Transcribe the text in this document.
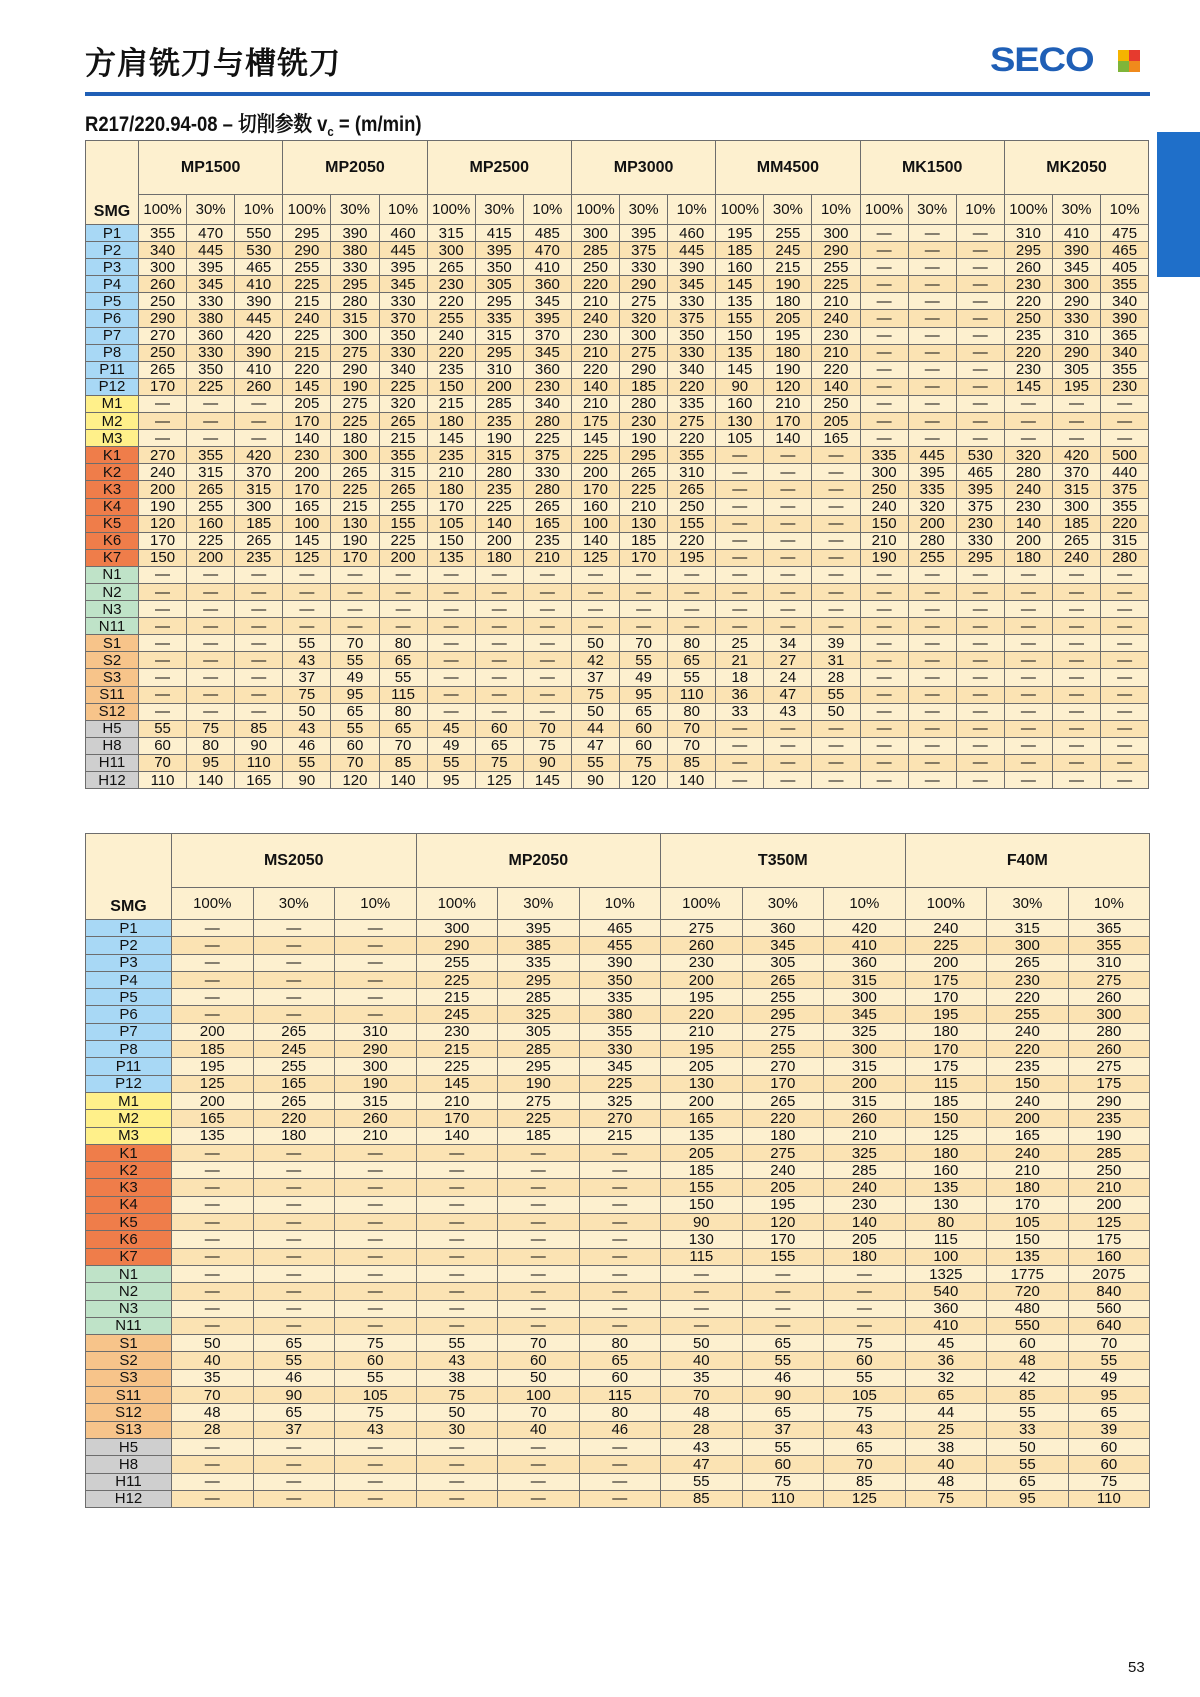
方肩铣刀与槽铣刀	SECO
R217/220.94-08 – 切削参数 $v_c = (m/\min)$
SMG	MP1500			MP2050			MP2500			MP3000			MM4500			MK1500			MK2050		
	100%	30%	10%	100%	30%	10%	100%	30%	10%	100%	30%	10%	100%	30%	10%	100%	30%	10%	100%	30%	10%
P1	355	470	550	295	390	460	315	415	485	300	395	460	195	255	300	—	—	—	310	410	475
P2	340	445	530	290	380	445	300	395	470	285	375	445	185	245	290	—	—	—	295	390	465
P3	300	395	465	255	330	395	265	350	410	250	330	390	160	215	255	—	—	—	260	345	405
P4	260	345	410	225	295	345	230	305	360	220	290	345	145	190	225	—	—	—	230	300	355
P5	250	330	390	215	280	330	220	295	345	210	275	330	135	180	210	—	—	—	220	290	340
P6	290	380	445	240	315	370	255	335	395	240	320	375	155	205	240	—	—	—	250	330	390
P7	270	360	420	225	300	350	240	315	370	230	300	350	150	195	230	—	—	—	235	310	365
P8	250	330	390	215	275	330	220	295	345	210	275	330	135	180	210	—	—	—	220	290	340
P11	265	350	410	220	290	340	235	310	360	220	290	340	145	190	220	—	—	—	230	305	355
P12	170	225	260	145	190	225	150	200	230	140	185	220	90	120	140	—	—	—	145	195	230
M1	—	—	—	205	275	320	215	285	340	210	280	335	160	210	250	—	—	—	—	—	—
M2	—	—	—	170	225	265	180	235	280	175	230	275	130	170	205	—	—	—	—	—	—
M3	—	—	—	140	180	215	145	190	225	145	190	220	105	140	165	—	—	—	—	—	—
K1	270	355	420	230	300	355	235	315	375	225	295	355	—	—	—	335	445	530	320	420	500
K2	240	315	370	200	265	315	210	280	330	200	265	310	—	—	—	300	395	465	280	370	440
K3	200	265	315	170	225	265	180	235	280	170	225	265	—	—	—	250	335	395	240	315	375
K4	190	255	300	165	215	255	170	225	265	160	210	250	—	—	—	240	320	375	230	300	355
K5	120	160	185	100	130	155	105	140	165	100	130	155	—	—	—	150	200	230	140	185	220
K6	170	225	265	145	190	225	150	200	235	140	185	220	—	—	—	210	280	330	200	265	315
K7	150	200	235	125	170	200	135	180	210	125	170	195	—	—	—	190	255	295	180	240	280
N1	—	—	—	—	—	—	—	—	—	—	—	—	—	—	—	—	—	—	—	—	—
N2	—	—	—	—	—	—	—	—	—	—	—	—	—	—	—	—	—	—	—	—	—
N3	—	—	—	—	—	—	—	—	—	—	—	—	—	—	—	—	—	—	—	—	—
N11	—	—	—	—	—	—	—	—	—	—	—	—	—	—	—	—	—	—	—	—	—
S1	—	—	—	55	70	80	—	—	—	50	70	80	25	34	39	—	—	—	—	—	—
S2	—	—	—	43	55	65	—	—	—	42	55	65	21	27	31	—	—	—	—	—	—
S3	—	—	—	37	49	55	—	—	—	37	49	55	18	24	28	—	—	—	—	—	—
S11	—	—	—	75	95	115	—	—	—	75	95	110	36	47	55	—	—	—	—	—	—
S12	—	—	—	50	65	80	—	—	—	50	65	80	33	43	50	—	—	—	—	—	—
H5	55	75	85	43	55	65	45	60	70	44	60	70	—	—	—	—	—	—	—	—	—
H8	60	80	90	46	60	70	49	65	75	47	60	70	—	—	—	—	—	—	—	—	—
H11	70	95	110	55	70	85	55	75	90	55	75	85	—	—	—	—	—	—	—	—	—
H12	110	140	165	90	120	140	95	125	145	90	120	140	—	—	—	—	—	—	—	—	—
SMG	MS2050			MP2050			T350M			F40M		
	100%	30%	10%	100%	30%	10%	100%	30%	10%	100%	30%	10%
P1	—	—	—	300	395	465	275	360	420	240	315	365
P2	—	—	—	290	385	455	260	345	410	225	300	355
P3	—	—	—	255	335	390	230	305	360	200	265	310
P4	—	—	—	225	295	350	200	265	315	175	230	275
P5	—	—	—	215	285	335	195	255	300	170	220	260
P6	—	—	—	245	325	380	220	295	345	195	255	300
P7	200	265	310	230	305	355	210	275	325	180	240	280
P8	185	245	290	215	285	330	195	255	300	170	220	260
P11	195	255	300	225	295	345	205	270	315	175	235	275
P12	125	165	190	145	190	225	130	170	200	115	150	175
M1	200	265	315	210	275	325	200	265	315	185	240	290
M2	165	220	260	170	225	270	165	220	260	150	200	235
M3	135	180	210	140	185	215	135	180	210	125	165	190
K1	—	—	—	—	—	—	205	275	325	180	240	285
K2	—	—	—	—	—	—	185	240	285	160	210	250
K3	—	—	—	—	—	—	155	205	240	135	180	210
K4	—	—	—	—	—	—	150	195	230	130	170	200
K5	—	—	—	—	—	—	90	120	140	80	105	125
K6	—	—	—	—	—	—	130	170	205	115	150	175
K7	—	—	—	—	—	—	115	155	180	100	135	160
N1	—	—	—	—	—	—	—	—	—	1325	1775	2075
N2	—	—	—	—	—	—	—	—	—	540	720	840
N3	—	—	—	—	—	—	—	—	—	360	480	560
N11	—	—	—	—	—	—	—	—	—	410	550	640
S1	50	65	75	55	70	80	50	65	75	45	60	70
S2	40	55	60	43	60	65	40	55	60	36	48	55
S3	35	46	55	38	50	60	35	46	55	32	42	49
S11	70	90	105	75	100	115	70	90	105	65	85	95
S12	48	65	75	50	70	80	48	65	75	44	55	65
S13	28	37	43	30	40	46	28	37	43	25	33	39
H5	—	—	—	—	—	—	43	55	65	38	50	60
H8	—	—	—	—	—	—	47	60	70	40	55	60
H11	—	—	—	—	—	—	55	75	85	48	65	75
H12	—	—	—	—	—	—	85	110	125	75	95	110
53
